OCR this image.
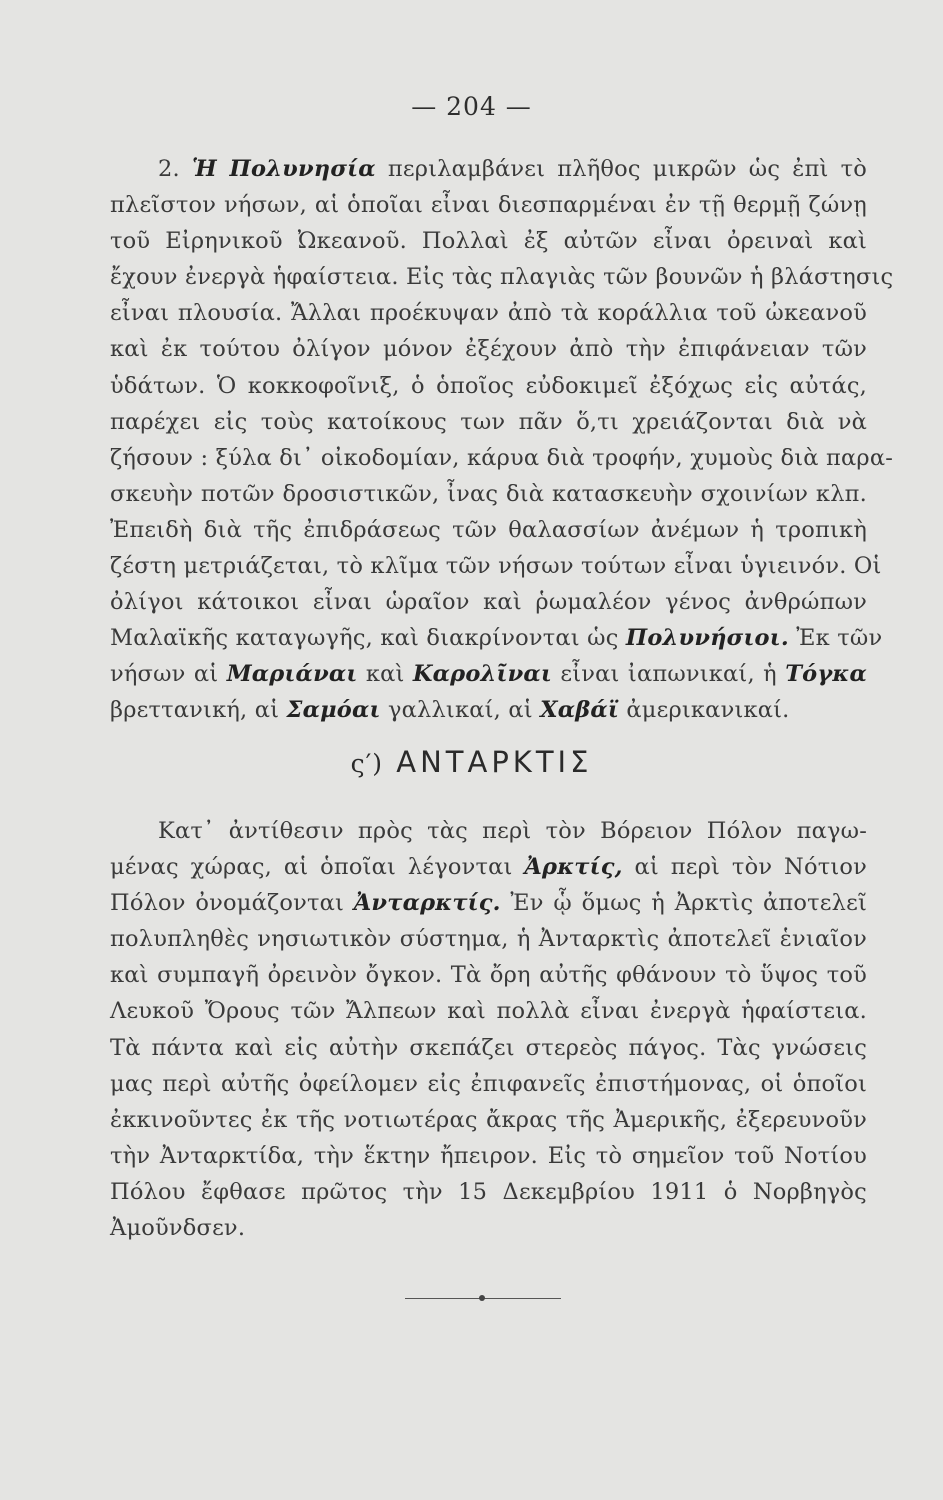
— 204 —
2. Ἡ Πολυνησία περιλαμβάνει πλῆθος μικρῶν ὡς ἐπὶ τὸ
πλεῖστον νήσων, αἱ ὁποῖαι εἶναι διεσπαρμέναι ἐν τῇ θερμῇ ζώνῃ
τοῦ Εἰρηνικοῦ Ὠκεανοῦ. Πολλαὶ ἐξ αὐτῶν εἶναι ὀρειναὶ καὶ
ἔχουν ἐνεργὰ ἡφαίστεια. Εἰς τὰς πλαγιὰς τῶν βουνῶν ἡ βλάστησις
εἶναι πλουσία. Ἄλλαι προέκυψαν ἀπὸ τὰ κοράλλια τοῦ ὠκεανοῦ
καὶ ἐκ τούτου ὀλίγον μόνον ἐξέχουν ἀπὸ τὴν ἐπιφάνειαν τῶν
ὑδάτων. Ὁ κοκκοφοῖνιξ, ὁ ὁποῖος εὐδοκιμεῖ ἐξόχως εἰς αὐτάς,
παρέχει εἰς τοὺς κατοίκους των πᾶν ὅ,τι χρειάζονται διὰ νὰ
ζήσουν : ξύλα δι᾽ οἰκοδομίαν, κάρυα διὰ τροφήν, χυμοὺς διὰ παρα-
σκευὴν ποτῶν δροσιστικῶν, ἶνας διὰ κατασκευὴν σχοινίων κλπ.
Ἐπειδὴ διὰ τῆς ἐπιδράσεως τῶν θαλασσίων ἀνέμων ἡ τροπικὴ
ζέστη μετριάζεται, τὸ κλῖμα τῶν νήσων τούτων εἶναι ὑγιεινόν. Οἱ
ὀλίγοι κάτοικοι εἶναι ὡραῖον καὶ ῥωμαλέον γένος ἀνθρώπων
Μαλαϊκῆς καταγωγῆς, καὶ διακρίνονται ὡς Πολυνήσιοι. Ἐκ τῶν
νήσων αἱ Μαριάναι καὶ Καρολῖναι εἶναι ἰαπωνικαί, ἡ Τόγκα
βρεττανική, αἱ Σαμόαι γαλλικαί, αἱ Χαβάϊ ἀμερικανικαί.
ς′) ΑΝΤΑΡΚΤΙΣ
Κατ᾽ ἀντίθεσιν πρὸς τὰς περὶ τὸν Βόρειον Πόλον παγω-
μένας χώρας, αἱ ὁποῖαι λέγονται Ἀρκτίς, αἱ περὶ τὸν Νότιον
Πόλον ὀνομάζονται Ἀνταρκτίς. Ἐν ᾧ ὅμως ἡ Ἀρκτὶς ἀποτελεῖ
πολυπληθὲς νησιωτικὸν σύστημα, ἡ Ἀνταρκτὶς ἀποτελεῖ ἑνιαῖον
καὶ συμπαγῆ ὀρεινὸν ὄγκον. Τὰ ὄρη αὐτῆς φθάνουν τὸ ὕψος τοῦ
Λευκοῦ Ὄρους τῶν Ἄλπεων καὶ πολλὰ εἶναι ἐνεργὰ ἡφαίστεια.
Τὰ πάντα καὶ εἰς αὐτὴν σκεπάζει στερεὸς πάγος. Τὰς γνώσεις
μας περὶ αὐτῆς ὀφείλομεν εἰς ἐπιφανεῖς ἐπιστήμονας, οἱ ὁποῖοι
ἐκκινοῦντες ἐκ τῆς νοτιωτέρας ἄκρας τῆς Ἀμερικῆς, ἐξερευνοῦν
τὴν Ἀνταρκτίδα, τὴν ἕκτην ἤπειρον. Εἰς τὸ σημεῖον τοῦ Νοτίου
Πόλου ἔφθασε πρῶτος τὴν 15 Δεκεμβρίου 1911 ὁ Νορβηγὸς
Ἀμοῦνδσεν.
